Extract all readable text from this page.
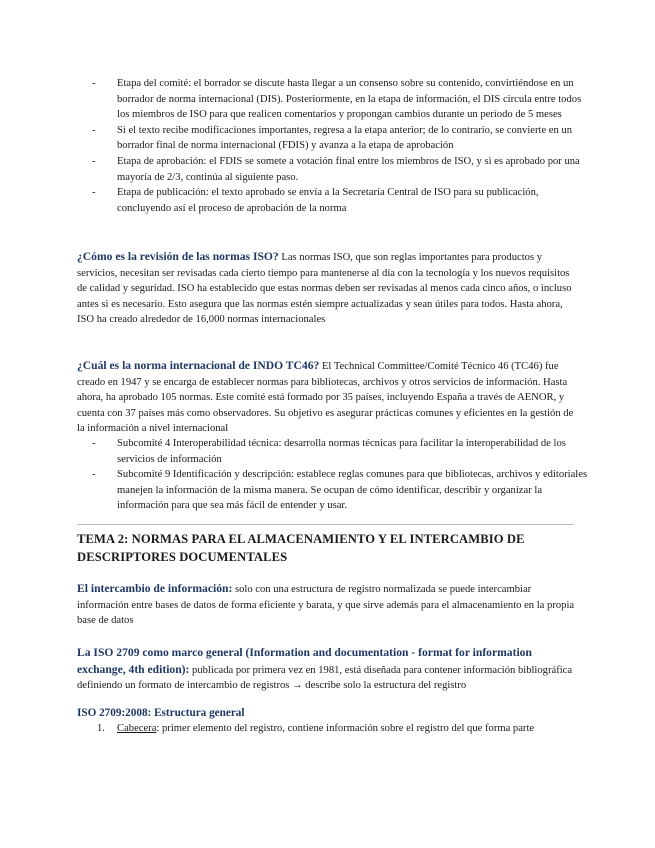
- Etapa del comité: el borrador se discute hasta llegar a un consenso sobre su contenido, convirtiéndose en un borrador de norma internacional (DIS). Posteriormente, en la etapa de información, el DIS circula entre todos los miembros de ISO para que realicen comentarios y propongan cambios durante un período de 5 meses
- Si el texto recibe modificaciones importantes, regresa a la etapa anterior; de lo contrario, se convierte en un borrador final de norma internacional (FDIS) y avanza a la etapa de aprobación
- Etapa de aprobación: el FDIS se somete a votación final entre los miembros de ISO, y si es aprobado por una mayoría de 2/3, continúa al siguiente paso.
- Etapa de publicación: el texto aprobado se envía a la Secretaría Central de ISO para su publicación, concluyendo así el proceso de aprobación de la norma

¿Cómo es la revisión de las normas ISO? Las normas ISO, que son reglas importantes para productos y servicios, necesitan ser revisadas cada cierto tiempo para mantenerse al día con la tecnología y los nuevos requisitos de calidad y seguridad. ISO ha establecido que estas normas deben ser revisadas al menos cada cinco años, o incluso antes si es necesario. Esto asegura que las normas estén siempre actualizadas y sean útiles para todos. Hasta ahora, ISO ha creado alrededor de 16,000 normas internacionales

¿Cuál es la norma internacional de INDO TC46? El Technical Committee/Comité Técnico 46 (TC46) fue creado en 1947 y se encarga de establecer normas para bibliotecas, archivos y otros servicios de información. Hasta ahora, ha aprobado 105 normas. Este comité está formado por 35 países, incluyendo España a través de AENOR, y cuenta con 37 países más como observadores. Su objetivo es asegurar prácticas comunes y eficientes en la gestión de la información a nivel internacional

- Subcomité 4 Interoperabilidad técnica: desarrolla normas técnicas para facilitar la interoperabilidad de los servicios de información
- Subcomité 9 Identificación y descripción: establece reglas comunes para que bibliotecas, archivos y editoriales manejen la información de la misma manera. Se ocupan de cómo identificar, describir y organizar la información para que sea más fácil de entender y usar.
TEMA 2: NORMAS PARA EL ALMACENAMIENTO Y EL INTERCAMBIO DE DESCRIPTORES DOCUMENTALES

El intercambio de información: solo con una estructura de registro normalizada se puede intercambiar información entre bases de datos de forma eficiente y barata, y que sirve además para el almacenamiento en la propia base de datos

La ISO 2709 como marco general (Information and documentation - format for information exchange, 4th edition): publicada por primera vez en 1981, está diseñada para contener información bibliográfica definiendo un formato de intercambio de registros → describe solo la estructura del registro

ISO 2709:2008: Estructura general
1. Cabecera: primer elemento del registro, contiene información sobre el registro del que forma parte
